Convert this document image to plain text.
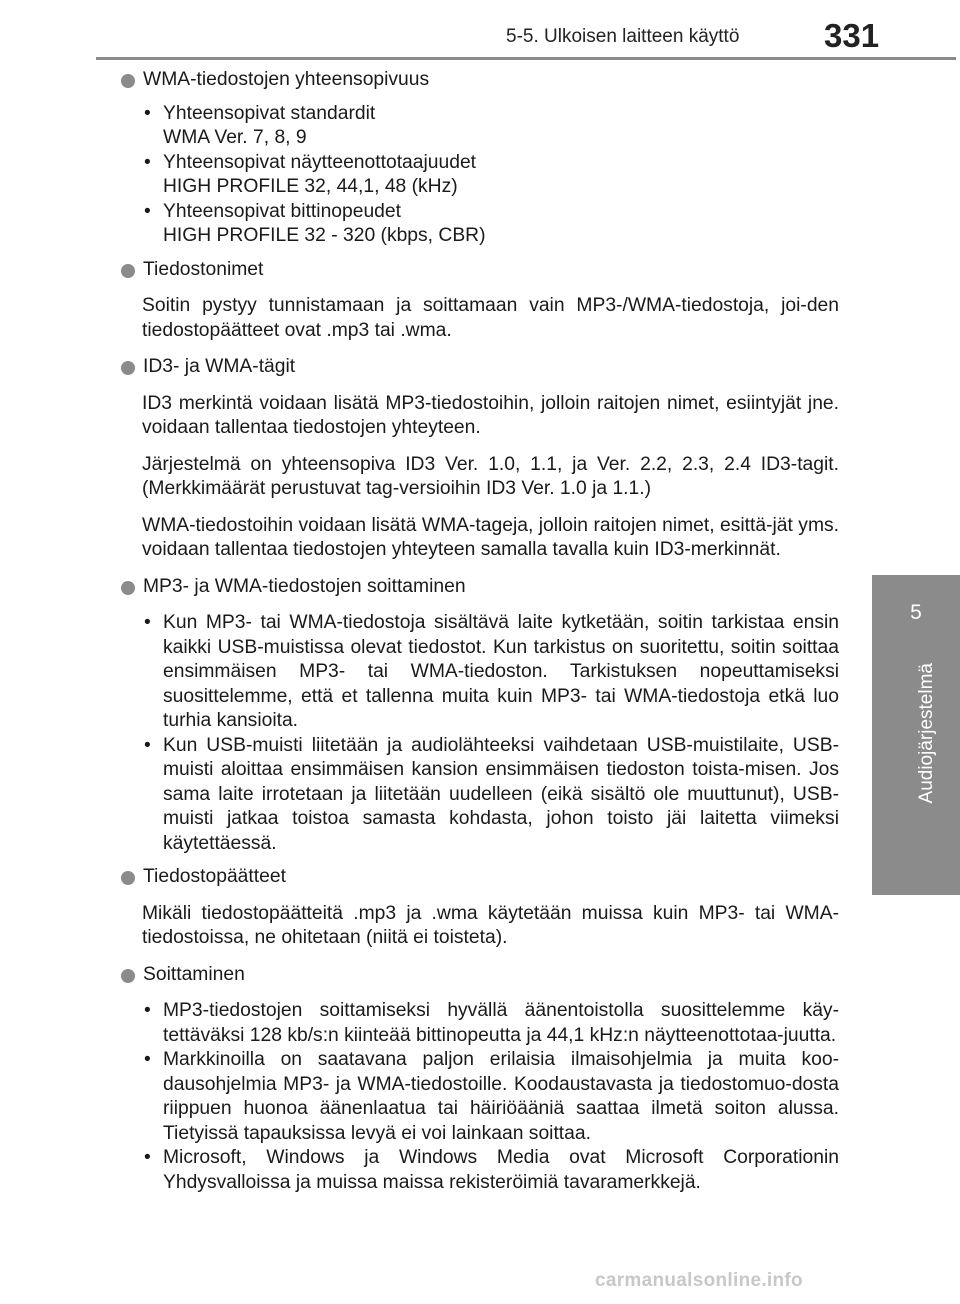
5-5. Ulkoisen laitteen käyttö	331
5
Audiojärjestelmä

WMA-tiedostojen yhteensopivuus

• Yhteensopivat standardit
WMA Ver. 7, 8, 9
• Yhteensopivat näytteenottotaajuudet
HIGH PROFILE 32, 44,1, 48 (kHz)
• Yhteensopivat bittinopeudet
HIGH PROFILE 32 - 320 (kbps, CBR)

Tiedostonimet

Soitin pystyy tunnistamaan ja soittamaan vain MP3-/WMA-tiedostoja, joi-den tiedostopäätteet ovat .mp3 tai .wma.

ID3- ja WMA-tägit

ID3 merkintä voidaan lisätä MP3-tiedostoihin, jolloin raitojen nimet, esiintyjät jne. voidaan tallentaa tiedostojen yhteyteen.

Järjestelmä on yhteensopiva ID3 Ver. 1.0, 1.1, ja Ver. 2.2, 2.3, 2.4 ID3-tagit. (Merkkimäärät perustuvat tag-versioihin ID3 Ver. 1.0 ja 1.1.)

WMA-tiedostoihin voidaan lisätä WMA-tageja, jolloin raitojen nimet, esittä-jät yms. voidaan tallentaa tiedostojen yhteyteen samalla tavalla kuin ID3-merkinnät.

MP3- ja WMA-tiedostojen soittaminen

• Kun MP3- tai WMA-tiedostoja sisältävä laite kytketään, soitin tarkistaa ensin kaikki USB-muistissa olevat tiedostot. Kun tarkistus on suoritettu, soitin soittaa ensimmäisen MP3- tai WMA-tiedoston. Tarkistuksen nopeuttamiseksi suosittelemme, että et tallenna muita kuin MP3- tai WMA-tiedostoja etkä luo turhia kansioita.
• Kun USB-muisti liitetään ja audiolähteeksi vaihdetaan USB-muistilaite, USB-muisti aloittaa ensimmäisen kansion ensimmäisen tiedoston toista-misen. Jos sama laite irrotetaan ja liitetään uudelleen (eikä sisältö ole muuttunut), USB-muisti jatkaa toistoa samasta kohdasta, johon toisto jäi laitetta viimeksi käytettäessä.

Tiedostopäätteet

Mikäli tiedostopäätteitä .mp3 ja .wma käytetään muissa kuin MP3- tai WMA-tiedostoissa, ne ohitetaan (niitä ei toisteta).

Soittaminen

• MP3-tiedostojen soittamiseksi hyvällä äänentoistolla suosittelemme käy-tettäväksi 128 kb/s:n kiinteää bittinopeutta ja 44,1 kHz:n näytteenottotaa-juutta.
• Markkinoilla on saatavana paljon erilaisia ilmaisohjelmia ja muita koo-dausohjelmia MP3- ja WMA-tiedostoille. Koodaustavasta ja tiedostomuo-dosta riippuen huonoa äänenlaatua tai häiriöääniä saattaa ilmetä soiton alussa. Tietyissä tapauksissa levyä ei voi lainkaan soittaa.
• Microsoft, Windows ja Windows Media ovat Microsoft Corporationin Yhdysvalloissa ja muissa maissa rekisteröimiä tavaramerkkejä.
carmanualsonline.info
